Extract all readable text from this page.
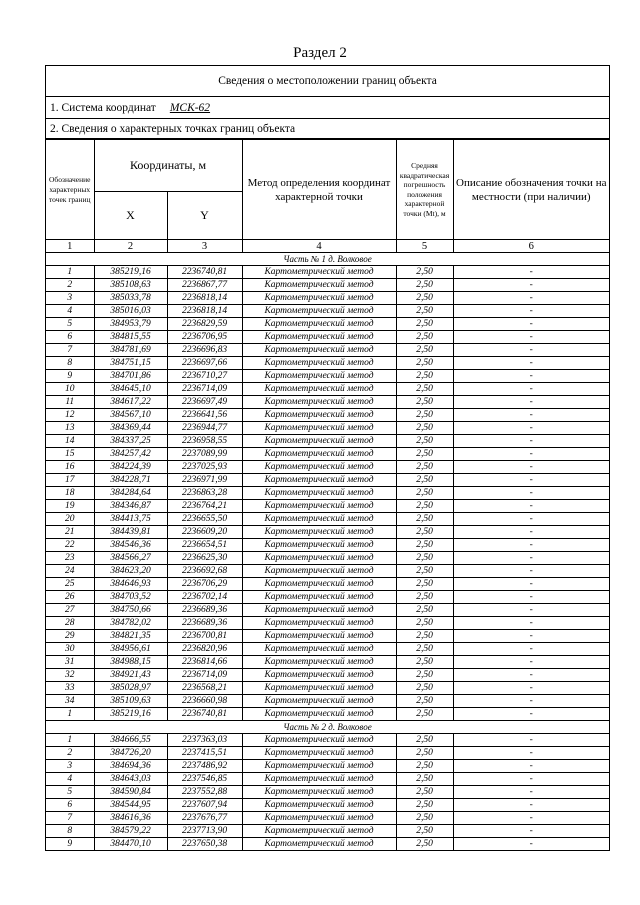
Раздел 2
Сведения о местоположении границ объекта
1. Система координат МСК-62
2. Сведения о характерных точках границ объекта
Обозначение характерных точек границ	Координаты, м		Метод определения координат характерной точки	Средняя квадратическая погрешность положения характерной точки (Mt), м	Описание обозначения точки на местности (при наличии)
	X	Y			
1	2	3	4	5	6
Часть № 1 д. Волковое					
1	385219,16	2236740,81	Картометрический метод	2,50	-
2	385108,63	2236867,77	Картометрический метод	2,50	-
3	385033,78	2236818,14	Картометрический метод	2,50	-
4	385016,03	2236818,14	Картометрический метод	2,50	-
5	384953,79	2236829,59	Картометрический метод	2,50	-
6	384815,55	2236706,95	Картометрический метод	2,50	-
7	384781,69	2236696,83	Картометрический метод	2,50	-
8	384751,15	2236697,66	Картометрический метод	2,50	-
9	384701,86	2236710,27	Картометрический метод	2,50	-
10	384645,10	2236714,09	Картометрический метод	2,50	-
11	384617,22	2236697,49	Картометрический метод	2,50	-
12	384567,10	2236641,56	Картометрический метод	2,50	-
13	384369,44	2236944,77	Картометрический метод	2,50	-
14	384337,25	2236958,55	Картометрический метод	2,50	-
15	384257,42	2237089,99	Картометрический метод	2,50	-
16	384224,39	2237025,93	Картометрический метод	2,50	-
17	384228,71	2236971,99	Картометрический метод	2,50	-
18	384284,64	2236863,28	Картометрический метод	2,50	-
19	384346,87	2236764,21	Картометрический метод	2,50	-
20	384413,75	2236655,50	Картометрический метод	2,50	-
21	384439,81	2236609,20	Картометрический метод	2,50	-
22	384546,36	2236654,51	Картометрический метод	2,50	-
23	384566,27	2236625,30	Картометрический метод	2,50	-
24	384623,20	2236692,68	Картометрический метод	2,50	-
25	384646,93	2236706,29	Картометрический метод	2,50	-
26	384703,52	2236702,14	Картометрический метод	2,50	-
27	384750,66	2236689,36	Картометрический метод	2,50	-
28	384782,02	2236689,36	Картометрический метод	2,50	-
29	384821,35	2236700,81	Картометрический метод	2,50	-
30	384956,61	2236820,96	Картометрический метод	2,50	-
31	384988,15	2236814,66	Картометрический метод	2,50	-
32	384921,43	2236714,09	Картометрический метод	2,50	-
33	385028,97	2236568,21	Картометрический метод	2,50	-
34	385109,63	2236660,98	Картометрический метод	2,50	-
1	385219,16	2236740,81	Картометрический метод	2,50	-
Часть № 2 д. Волковое					
1	384666,55	2237363,03	Картометрический метод	2,50	-
2	384726,20	2237415,51	Картометрический метод	2,50	-
3	384694,36	2237486,92	Картометрический метод	2,50	-
4	384643,03	2237546,85	Картометрический метод	2,50	-
5	384590,84	2237552,88	Картометрический метод	2,50	-
6	384544,95	2237607,94	Картометрический метод	2,50	-
7	384616,36	2237676,77	Картометрический метод	2,50	-
8	384579,22	2237713,90	Картометрический метод	2,50	-
9	384470,10	2237650,38	Картометрический метод	2,50	-
